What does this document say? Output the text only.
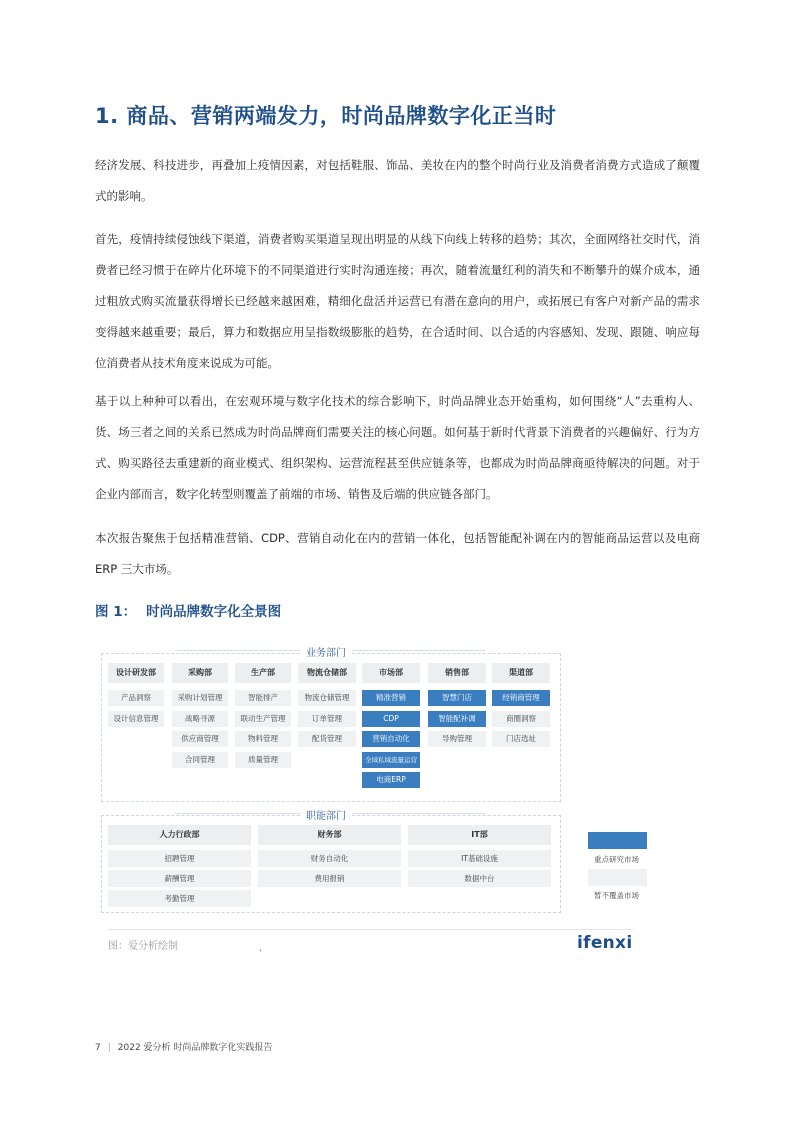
1. 商品、营销两端发力，时尚品牌数字化正当时

经济发展、科技进步，再叠加上疫情因素，对包括鞋服、饰品、美妆在内的整个时尚行业及消费者消费方式造成了颠覆式的影响。

首先，疫情持续侵蚀线下渠道，消费者购买渠道呈现出明显的从线下向线上转移的趋势；其次，全面网络社交时代，消费者已经习惯于在碎片化环境下的不同渠道进行实时沟通连接；再次，随着流量红利的消失和不断攀升的媒介成本，通过粗放式购买流量获得增长已经越来越困难，精细化盘活并运营已有潜在意向的用户，或拓展已有客户对新产品的需求变得越来越重要；最后，算力和数据应用呈指数级膨胀的趋势，在合适时间、以合适的内容感知、发现、跟随、响应每位消费者从技术角度来说成为可能。

基于以上种种可以看出，在宏观环境与数字化技术的综合影响下，时尚品牌业态开始重构，如何围绕“人”去重构人、货、场三者之间的关系已然成为时尚品牌商们需要关注的核心问题。如何基于新时代背景下消费者的兴趣偏好、行为方式、购买路径去重建新的商业模式、组织架构、运营流程甚至供应链条等，也都成为时尚品牌商亟待解决的问题。对于企业内部而言，数字化转型则覆盖了前端的市场、销售及后端的供应链各部门。

本次报告聚焦于包括精准营销、CDP、营销自动化在内的营销一体化，包括智能配补调在内的智能商品运营以及电商ERP 三大市场。

图 1： 时尚品牌数字化全景图
业务部门
设计研发部
产品洞察
设计信息管理
采购部
采购计划管理
战略寻源
供应商管理
合同管理
生产部
智能排产
联动生产管理
物料管理
质量管理
物流仓储部
物流仓储管理
订单管理
配货管理
市场部
精准营销
CDP
营销自动化
全域私域流量运营
电商ERP
销售部
智慧门店
智能配补调
导购管理
渠道部
经销商管理
商圈洞察
门店选址
职能部门
人力行政部
招聘管理
薪酬管理
考勤管理
财务部
财务自动化
费用报销
IT部
IT基础设施
数据中台
重点研究市场
暂不覆盖市场
图：爱分析绘制	.	ifenxi
7 | 2022 爱分析 时尚品牌数字化实践报告
